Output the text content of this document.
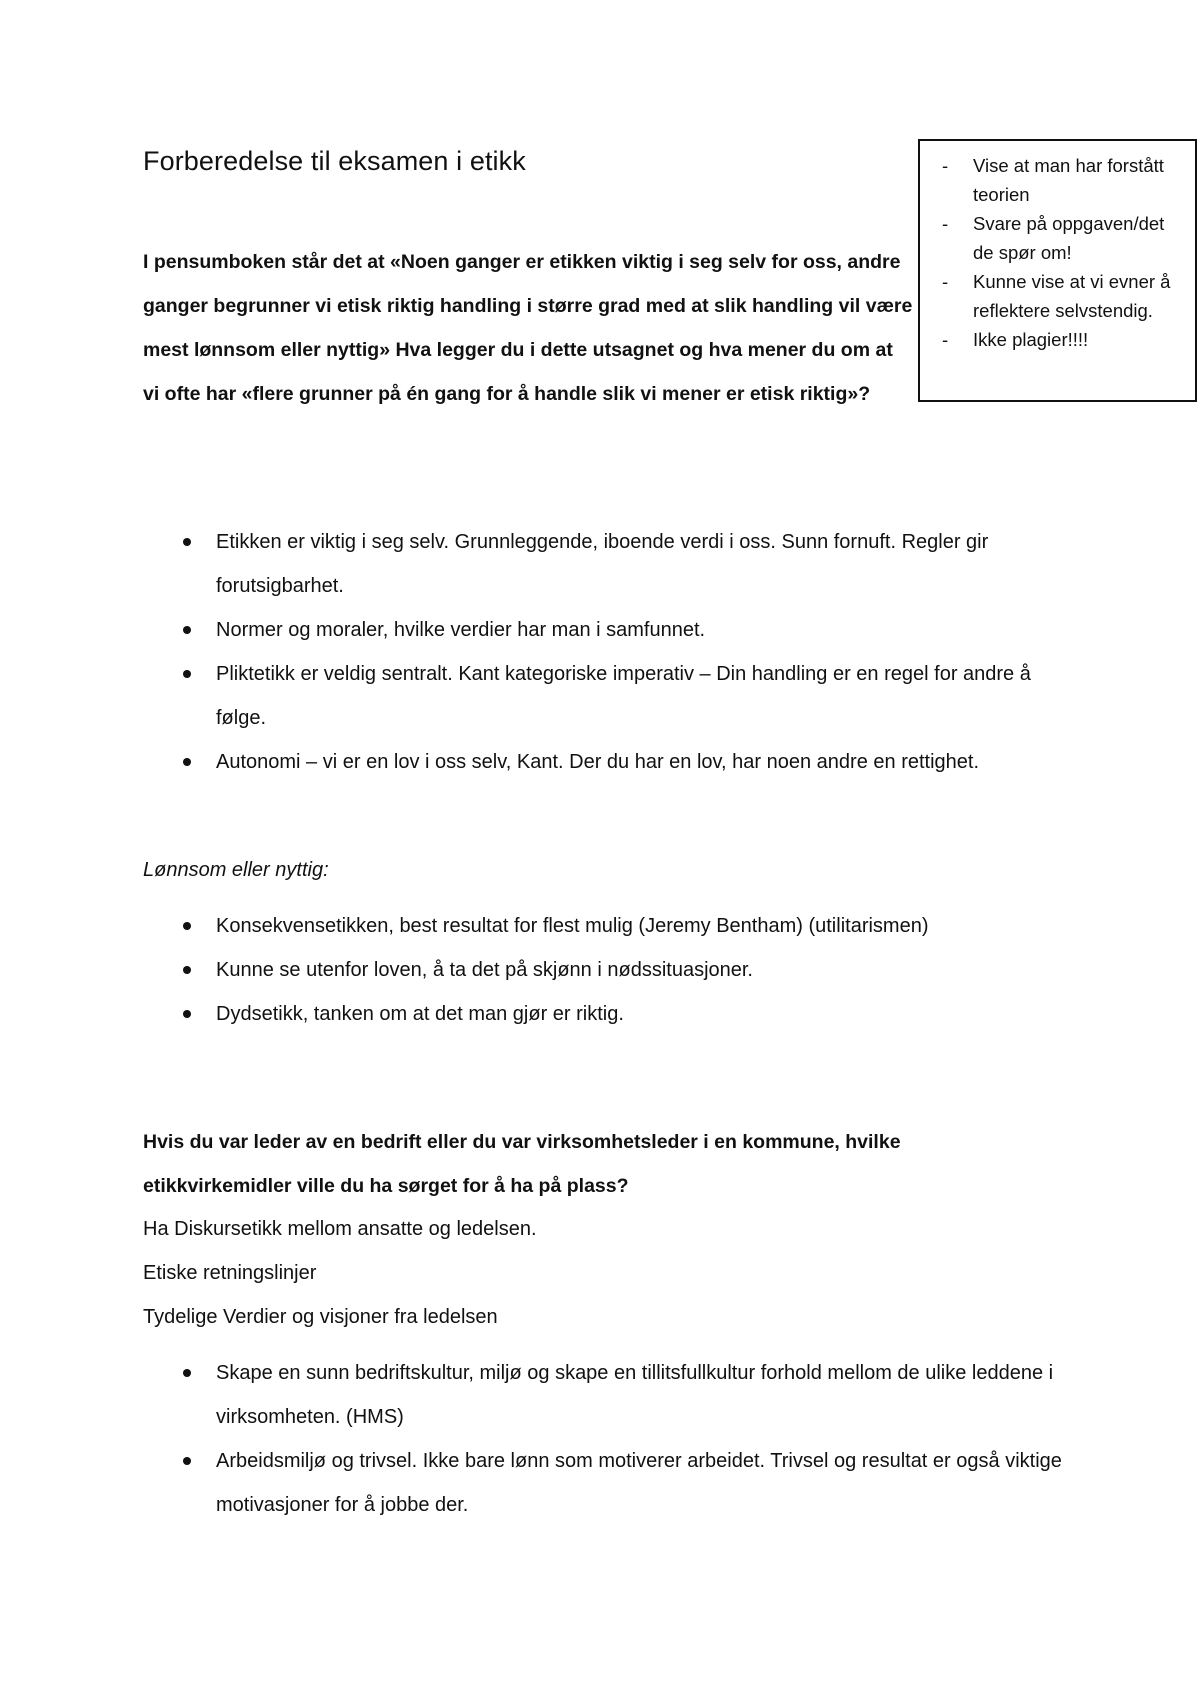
Forberedelse til eksamen i etikk
-	Vise at man har forstått teorien
- Svare på oppgaven/det de spør om!
- Kunne vise at vi evner å reflektere selvstendig.
- Ikke plagier!!!!

I pensumboken står det at «Noen ganger er etikken viktig i seg selv for oss, andre ganger begrunner vi etisk riktig handling i større grad med at slik handling vil være mest lønnsom eller nyttig» Hva legger du i dette utsagnet og hva mener du om at vi ofte har «flere grunner på én gang for å handle slik vi mener er etisk riktig»?

Etikken er viktig i seg selv. Grunnleggende, iboende verdi i oss. Sunn fornuft. Regler gir forutsigbarhet.
Normer og moraler, hvilke verdier har man i samfunnet.
Pliktetikk er veldig sentralt. Kant kategoriske imperativ – Din handling er en regel for andre å følge.
Autonomi – vi er en lov i oss selv, Kant. Der du har en lov, har noen andre en rettighet.

Lønnsom eller nyttig:

Konsekvensetikken, best resultat for flest mulig (Jeremy Bentham) (utilitarismen)
Kunne se utenfor loven, å ta det på skjønn i nødssituasjoner.
Dydsetikk, tanken om at det man gjør er riktig.

Hvis du var leder av en bedrift eller du var virksomhetsleder i en kommune, hvilke etikkvirkemidler ville du ha sørget for å ha på plass?

Ha Diskursetikk mellom ansatte og ledelsen.

Etiske retningslinjer

Tydelige Verdier og visjoner fra ledelsen

Skape en sunn bedriftskultur, miljø og skape en tillitsfullkultur forhold mellom de ulike leddene i virksomheten. (HMS)
Arbeidsmiljø og trivsel. Ikke bare lønn som motiverer arbeidet. Trivsel og resultat er også viktige motivasjoner for å jobbe der.
